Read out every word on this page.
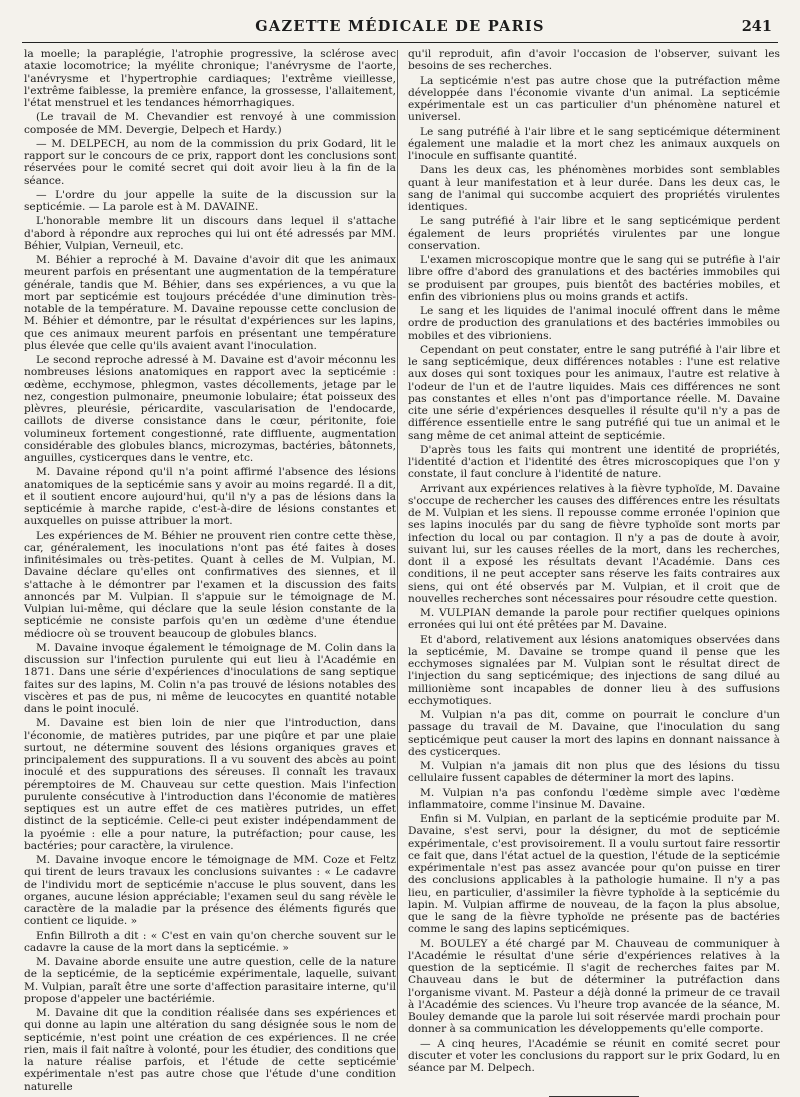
GAZETTE MÉDICALE DE PARIS	241

la moelle; la paraplégie, l'atrophie progressive, la sclérose avec ataxie locomotrice; la myélite chronique; l'anévrysme de l'aorte, l'anévrysme et l'hypertrophie cardiaques; l'extrême vieillesse, l'extrême faiblesse, la première enfance, la grossesse, l'allaitement, l'état menstruel et les tendances hémorrhagiques.

(Le travail de M. Chevandier est renvoyé à une commission composée de MM. Devergie, Delpech et Hardy.)

— M. DELPECH, au nom de la commission du prix Godard, lit le rapport sur le concours de ce prix, rapport dont les conclusions sont réservées pour le comité secret qui doit avoir lieu à la fin de la séance.

— L'ordre du jour appelle la suite de la discussion sur la septicémie. — La parole est à M. DAVAINE.

L'honorable membre lit un discours dans lequel il s'attache d'abord à répondre aux reproches qui lui ont été adressés par MM. Béhier, Vulpian, Verneuil, etc.

M. Béhier a reproché à M. Davaine d'avoir dit que les animaux meurent parfois en présentant une augmentation de la température générale, tandis que M. Béhier, dans ses expériences, a vu que la mort par septicémie est toujours précédée d'une diminution très-notable de la température. M. Davaine repousse cette conclusion de M. Béhier et démontre, par le résultat d'expériences sur les lapins, que ces animaux meurent parfois en présentant une température plus élevée que celle qu'ils avaient avant l'inoculation.

Le second reproche adressé à M. Davaine est d'avoir méconnu les nombreuses lésions anatomiques en rapport avec la septicémie : œdème, ecchymose, phlegmon, vastes décollements, jetage par le nez, congestion pulmonaire, pneumonie lobulaire; état poisseux des plèvres, pleurésie, péricardite, vascularisation de l'endocarde, caillots de diverse consistance dans le cœur, péritonite, foie volumineux fortement congestionné, rate diffluente, augmentation considérable des globules blancs, microzymas, bactéries, bâtonnets, anguilles, cysticerques dans le ventre, etc.

M. Davaine répond qu'il n'a point affirmé l'absence des lésions anatomiques de la septicémie sans y avoir au moins regardé. Il a dit, et il soutient encore aujourd'hui, qu'il n'y a pas de lésions dans la septicémie à marche rapide, c'est-à-dire de lésions constantes et auxquelles on puisse attribuer la mort.

Les expériences de M. Béhier ne prouvent rien contre cette thèse, car, généralement, les inoculations n'ont pas été faites à doses infinitésimales ou très-petites. Quant à celles de M. Vulpian, M. Davaine déclare qu'elles ont confirmatives des siennes, et il s'attache à le démontrer par l'examen et la discussion des faits annoncés par M. Vulpian. Il s'appuie sur le témoignage de M. Vulpian lui-même, qui déclare que la seule lésion constante de la septicémie ne consiste parfois qu'en un œdème d'une étendue médiocre où se trouvent beaucoup de globules blancs.

M. Davaine invoque également le témoignage de M. Colin dans la discussion sur l'infection purulente qui eut lieu à l'Académie en 1871. Dans une série d'expériences d'inoculations de sang septique faites sur des lapins, M. Colin n'a pas trouvé de lésions notables des viscères et pas de pus, ni même de leucocytes en quantité notable dans le point inoculé.

M. Davaine est bien loin de nier que l'introduction, dans l'économie, de matières putrides, par une piqûre et par une plaie surtout, ne détermine souvent des lésions organiques graves et principalement des suppurations. Il a vu souvent des abcès au point inoculé et des suppurations des séreuses. Il connaît les travaux péremptoires de M. Chauveau sur cette question. Mais l'infection purulente consécutive à l'introduction dans l'économie de matières septiques est un autre effet de ces matières putrides, un effet distinct de la septicémie. Celle-ci peut exister indépendamment de la pyoémie : elle a pour nature, la putréfaction; pour cause, les bactéries; pour caractère, la virulence.

M. Davaine invoque encore le témoignage de MM. Coze et Feltz qui tirent de leurs travaux les conclusions suivantes : « Le cadavre de l'individu mort de septicémie n'accuse le plus souvent, dans les organes, aucune lésion appréciable; l'examen seul du sang révèle le caractère de la maladie par la présence des éléments figurés que contient ce liquide. »

Enfin Billroth a dit : « C'est en vain qu'on cherche souvent sur le cadavre la cause de la mort dans la septicémie. »

M. Davaine aborde ensuite une autre question, celle de la nature de la septicémie, de la septicémie expérimentale, laquelle, suivant M. Vulpian, paraît être une sorte d'affection parasitaire interne, qu'il propose d'appeler une bactériémie.

M. Davaine dit que la condition réalisée dans ses expériences et qui donne au lapin une altération du sang désignée sous le nom de septicémie, n'est point une création de ces expériences. Il ne crée rien, mais il fait naître à volonté, pour les étudier, des conditions que la nature réalise parfois, et l'étude de cette septicémie expérimentale n'est pas autre chose que l'étude d'une condition naturelle

qu'il reproduit, afin d'avoir l'occasion de l'observer, suivant les besoins de ses recherches.

La septicémie n'est pas autre chose que la putréfaction même développée dans l'économie vivante d'un animal. La septicémie expérimentale est un cas particulier d'un phénomène naturel et universel.

Le sang putréfié à l'air libre et le sang septicémique déterminent également une maladie et la mort chez les animaux auxquels on l'inocule en suffisante quantité.

Dans les deux cas, les phénomènes morbides sont semblables quant à leur manifestation et à leur durée. Dans les deux cas, le sang de l'animal qui succombe acquiert des propriétés virulentes identiques.

Le sang putréfié à l'air libre et le sang septicémique perdent également de leurs propriétés virulentes par une longue conservation.

L'examen microscopique montre que le sang qui se putréfie à l'air libre offre d'abord des granulations et des bactéries immobiles qui se produisent par groupes, puis bientôt des bactéries mobiles, et enfin des vibrioniens plus ou moins grands et actifs.

Le sang et les liquides de l'animal inoculé offrent dans le même ordre de production des granulations et des bactéries immobiles ou mobiles et des vibrioniens.

Cependant on peut constater, entre le sang putréfié à l'air libre et le sang septicémique, deux différences notables : l'une est relative aux doses qui sont toxiques pour les animaux, l'autre est relative à l'odeur de l'un et de l'autre liquides. Mais ces différences ne sont pas constantes et elles n'ont pas d'importance réelle. M. Davaine cite une série d'expériences desquelles il résulte qu'il n'y a pas de différence essentielle entre le sang putréfié qui tue un animal et le sang même de cet animal atteint de septicémie.

D'après tous les faits qui montrent une identité de propriétés, l'identité d'action et l'identité des êtres microscopiques que l'on y constate, il faut conclure à l'identité de nature.

Arrivant aux expériences relatives à la fièvre typhoïde, M. Davaine s'occupe de rechercher les causes des différences entre les résultats de M. Vulpian et les siens. Il repousse comme erronée l'opinion que ses lapins inoculés par du sang de fièvre typhoïde sont morts par infection du local ou par contagion. Il n'y a pas de doute à avoir, suivant lui, sur les causes réelles de la mort, dans les recherches, dont il a exposé les résultats devant l'Académie. Dans ces conditions, il ne peut accepter sans réserve les faits contraires aux siens, qui ont été observés par M. Vulpian, et il croit que de nouvelles recherches sont nécessaires pour résoudre cette question.

M. VULPIAN demande la parole pour rectifier quelques opinions erronées qui lui ont été prêtées par M. Davaine.

Et d'abord, relativement aux lésions anatomiques observées dans la septicémie, M. Davaine se trompe quand il pense que les ecchymoses signalées par M. Vulpian sont le résultat direct de l'injection du sang septicémique; des injections de sang dilué au millionième sont incapables de donner lieu à des suffusions ecchymotiques.

M. Vulpian n'a pas dit, comme on pourrait le conclure d'un passage du travail de M. Davaine, que l'inoculation du sang septicémique peut causer la mort des lapins en donnant naissance à des cysticerques.

M. Vulpian n'a jamais dit non plus que des lésions du tissu cellulaire fussent capables de déterminer la mort des lapins.

M. Vulpian n'a pas confondu l'œdème simple avec l'œdème inflammatoire, comme l'insinue M. Davaine.

Enfin si M. Vulpian, en parlant de la septicémie produite par M. Davaine, s'est servi, pour la désigner, du mot de septicémie expérimentale, c'est provisoirement. Il a voulu surtout faire ressortir ce fait que, dans l'état actuel de la question, l'étude de la septicémie expérimentale n'est pas assez avancée pour qu'on puisse en tirer des conclusions applicables à la pathologie humaine. Il n'y a pas lieu, en particulier, d'assimiler la fièvre typhoïde à la septicémie du lapin. M. Vulpian affirme de nouveau, de la façon la plus absolue, que le sang de la fièvre typhoïde ne présente pas de bactéries comme le sang des lapins septicémiques.

M. BOULEY a été chargé par M. Chauveau de communiquer à l'Académie le résultat d'une série d'expériences relatives à la question de la septicémie. Il s'agit de recherches faites par M. Chauveau dans le but de déterminer la putréfaction dans l'organisme vivant. M. Pasteur a déjà donné la primeur de ce travail à l'Académie des sciences. Vu l'heure trop avancée de la séance, M. Bouley demande que la parole lui soit réservée mardi prochain pour donner à sa communication les développements qu'elle comporte.

— A cinq heures, l'Académie se réunit en comité secret pour discuter et voter les conclusions du rapport sur le prix Godard, lu en séance par M. Delpech.
